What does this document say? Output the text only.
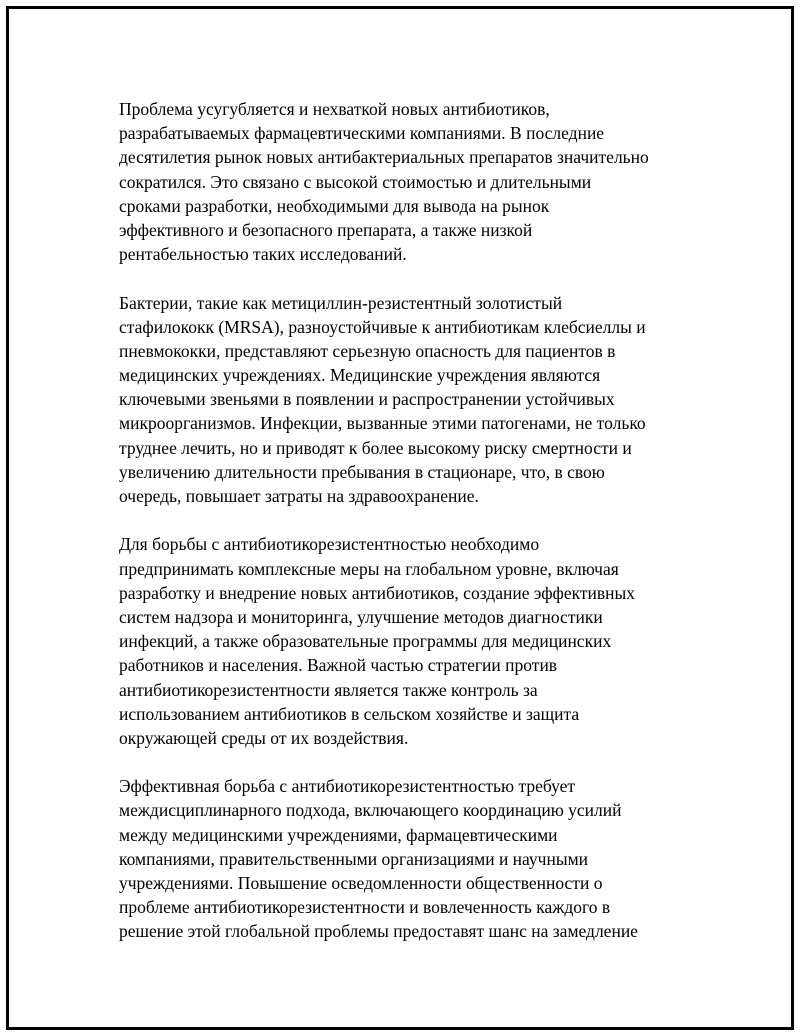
Проблема усугубляется и нехваткой новых антибиотиков,
разрабатываемых фармацевтическими компаниями. В последние
десятилетия рынок новых антибактериальных препаратов значительно
сократился. Это связано с высокой стоимостью и длительными
сроками разработки, необходимыми для вывода на рынок
эффективного и безопасного препарата, а также низкой
рентабельностью таких исследований.

Бактерии, такие как метициллин-резистентный золотистый
стафилококк (MRSA), разноустойчивые к антибиотикам клебсиеллы и
пневмококки, представляют серьезную опасность для пациентов в
медицинских учреждениях. Медицинские учреждения являются
ключевыми звеньями в появлении и распространении устойчивых
микроорганизмов. Инфекции, вызванные этими патогенами, не только
труднее лечить, но и приводят к более высокому риску смертности и
увеличению длительности пребывания в стационаре, что, в свою
очередь, повышает затраты на здравоохранение.

Для борьбы с антибиотикорезистентностью необходимо
предпринимать комплексные меры на глобальном уровне, включая
разработку и внедрение новых антибиотиков, создание эффективных
систем надзора и мониторинга, улучшение методов диагностики
инфекций, а также образовательные программы для медицинских
работников и населения. Важной частью стратегии против
антибиотикорезистентности является также контроль за
использованием антибиотиков в сельском хозяйстве и защита
окружающей среды от их воздействия.

Эффективная борьба с антибиотикорезистентностью требует
междисциплинарного подхода, включающего координацию усилий
между медицинскими учреждениями, фармацевтическими
компаниями, правительственными организациями и научными
учреждениями. Повышение осведомленности общественности о
проблеме антибиотикорезистентности и вовлеченность каждого в
решение этой глобальной проблемы предоставят шанс на замедление
